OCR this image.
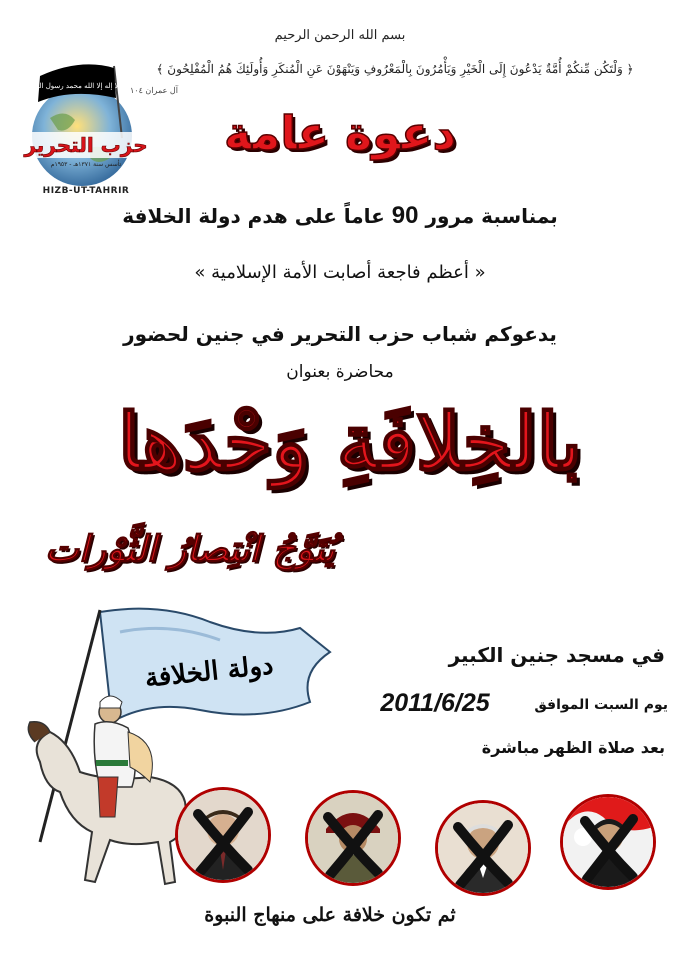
بسم الله الرحمن الرحيم
﴿ وَلْتَكُن مِّنكُمْ أُمَّةٌ يَدْعُونَ إِلَى الْخَيْرِ وَيَأْمُرُونَ بِالْمَعْرُوفِ وَيَنْهَوْنَ عَنِ الْمُنكَرِ وَأُولَئِكَ هُمُ الْمُفْلِحُونَ ﴾
آل عمران ١٠٤
لا إله إلا الله محمد رسول الله
حزب التحرير
تأسس سنة ١٣٧١هـ - ١٩٥٣م
HIZB-UT-TAHRIR
دعوة عامة
بمناسبة مرور 90 عاماً على هدم دولة الخلافة
« أعظم فاجعة أصابت الأمة الإسلامية »
يدعوكم شباب حزب التحرير في جنين لحضور
محاضرة بعنوان
بالخِلافَةِ وَحْدَها
يُتَوَّجُ انْتِصارُ الثَّوْرات
دولة الخلافة	في مسجد جنين الكبير
يوم السبت الموافق
2011/6/25
بعد صلاة الظهر مباشرة
ثم تكون خلافة على منهاج النبوة
